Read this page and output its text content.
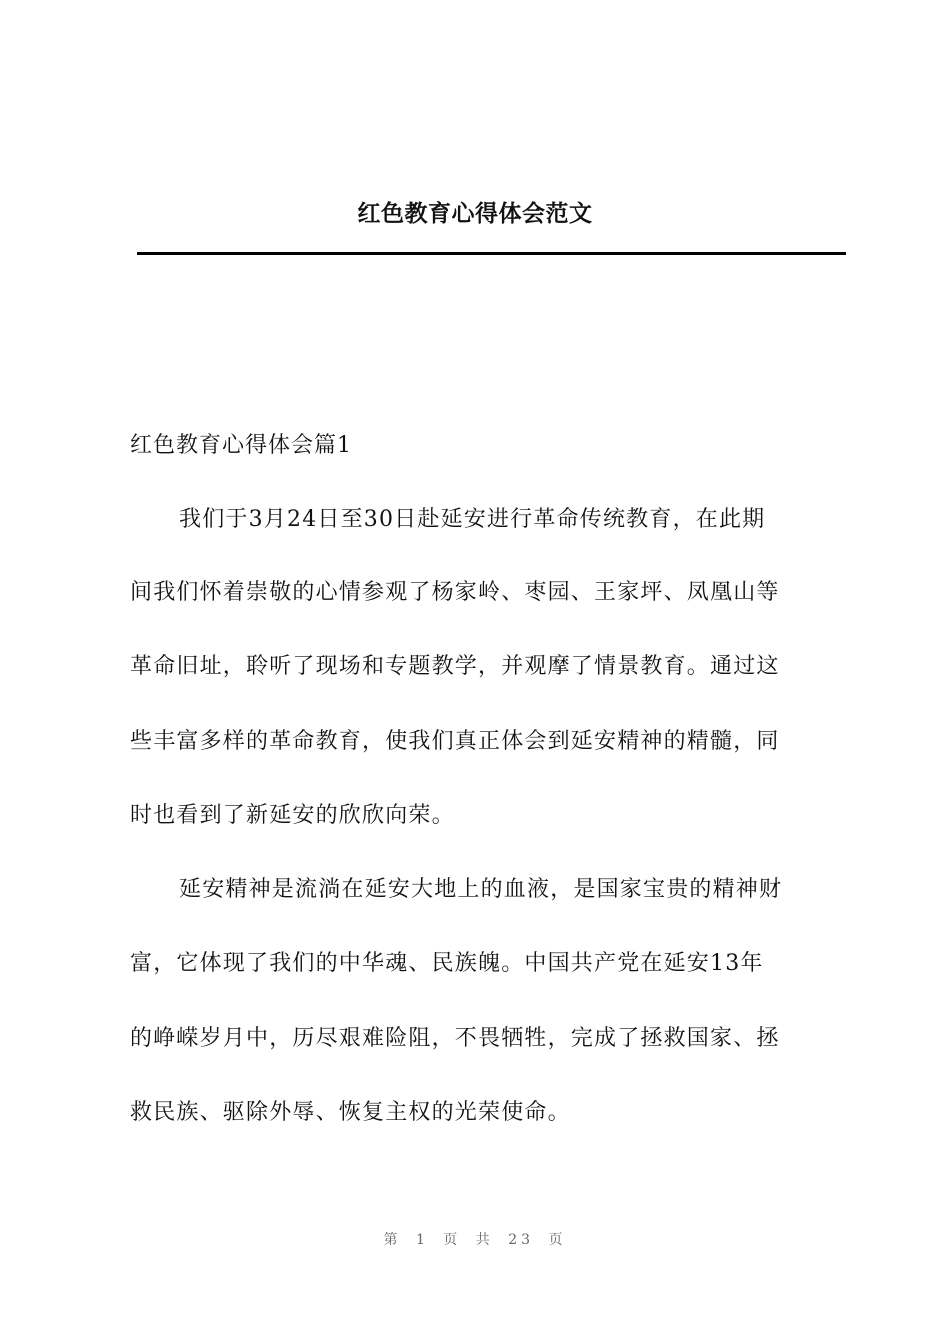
红色教育心得体会范文
红色教育心得体会篇1
我们于3月24日至30日赴延安进行革命传统教育，在此期
间我们怀着崇敬的心情参观了杨家岭、枣园、王家坪、凤凰山等
革命旧址，聆听了现场和专题教学，并观摩了情景教育。通过这
些丰富多样的革命教育，使我们真正体会到延安精神的精髓，同
时也看到了新延安的欣欣向荣。
延安精神是流淌在延安大地上的血液，是国家宝贵的精神财
富，它体现了我们的中华魂、民族魄。中国共产党在延安13年
的峥嵘岁月中，历尽艰难险阻，不畏牺牲，完成了拯救国家、拯
救民族、驱除外辱、恢复主权的光荣使命。
第 1 页 共 23 页
